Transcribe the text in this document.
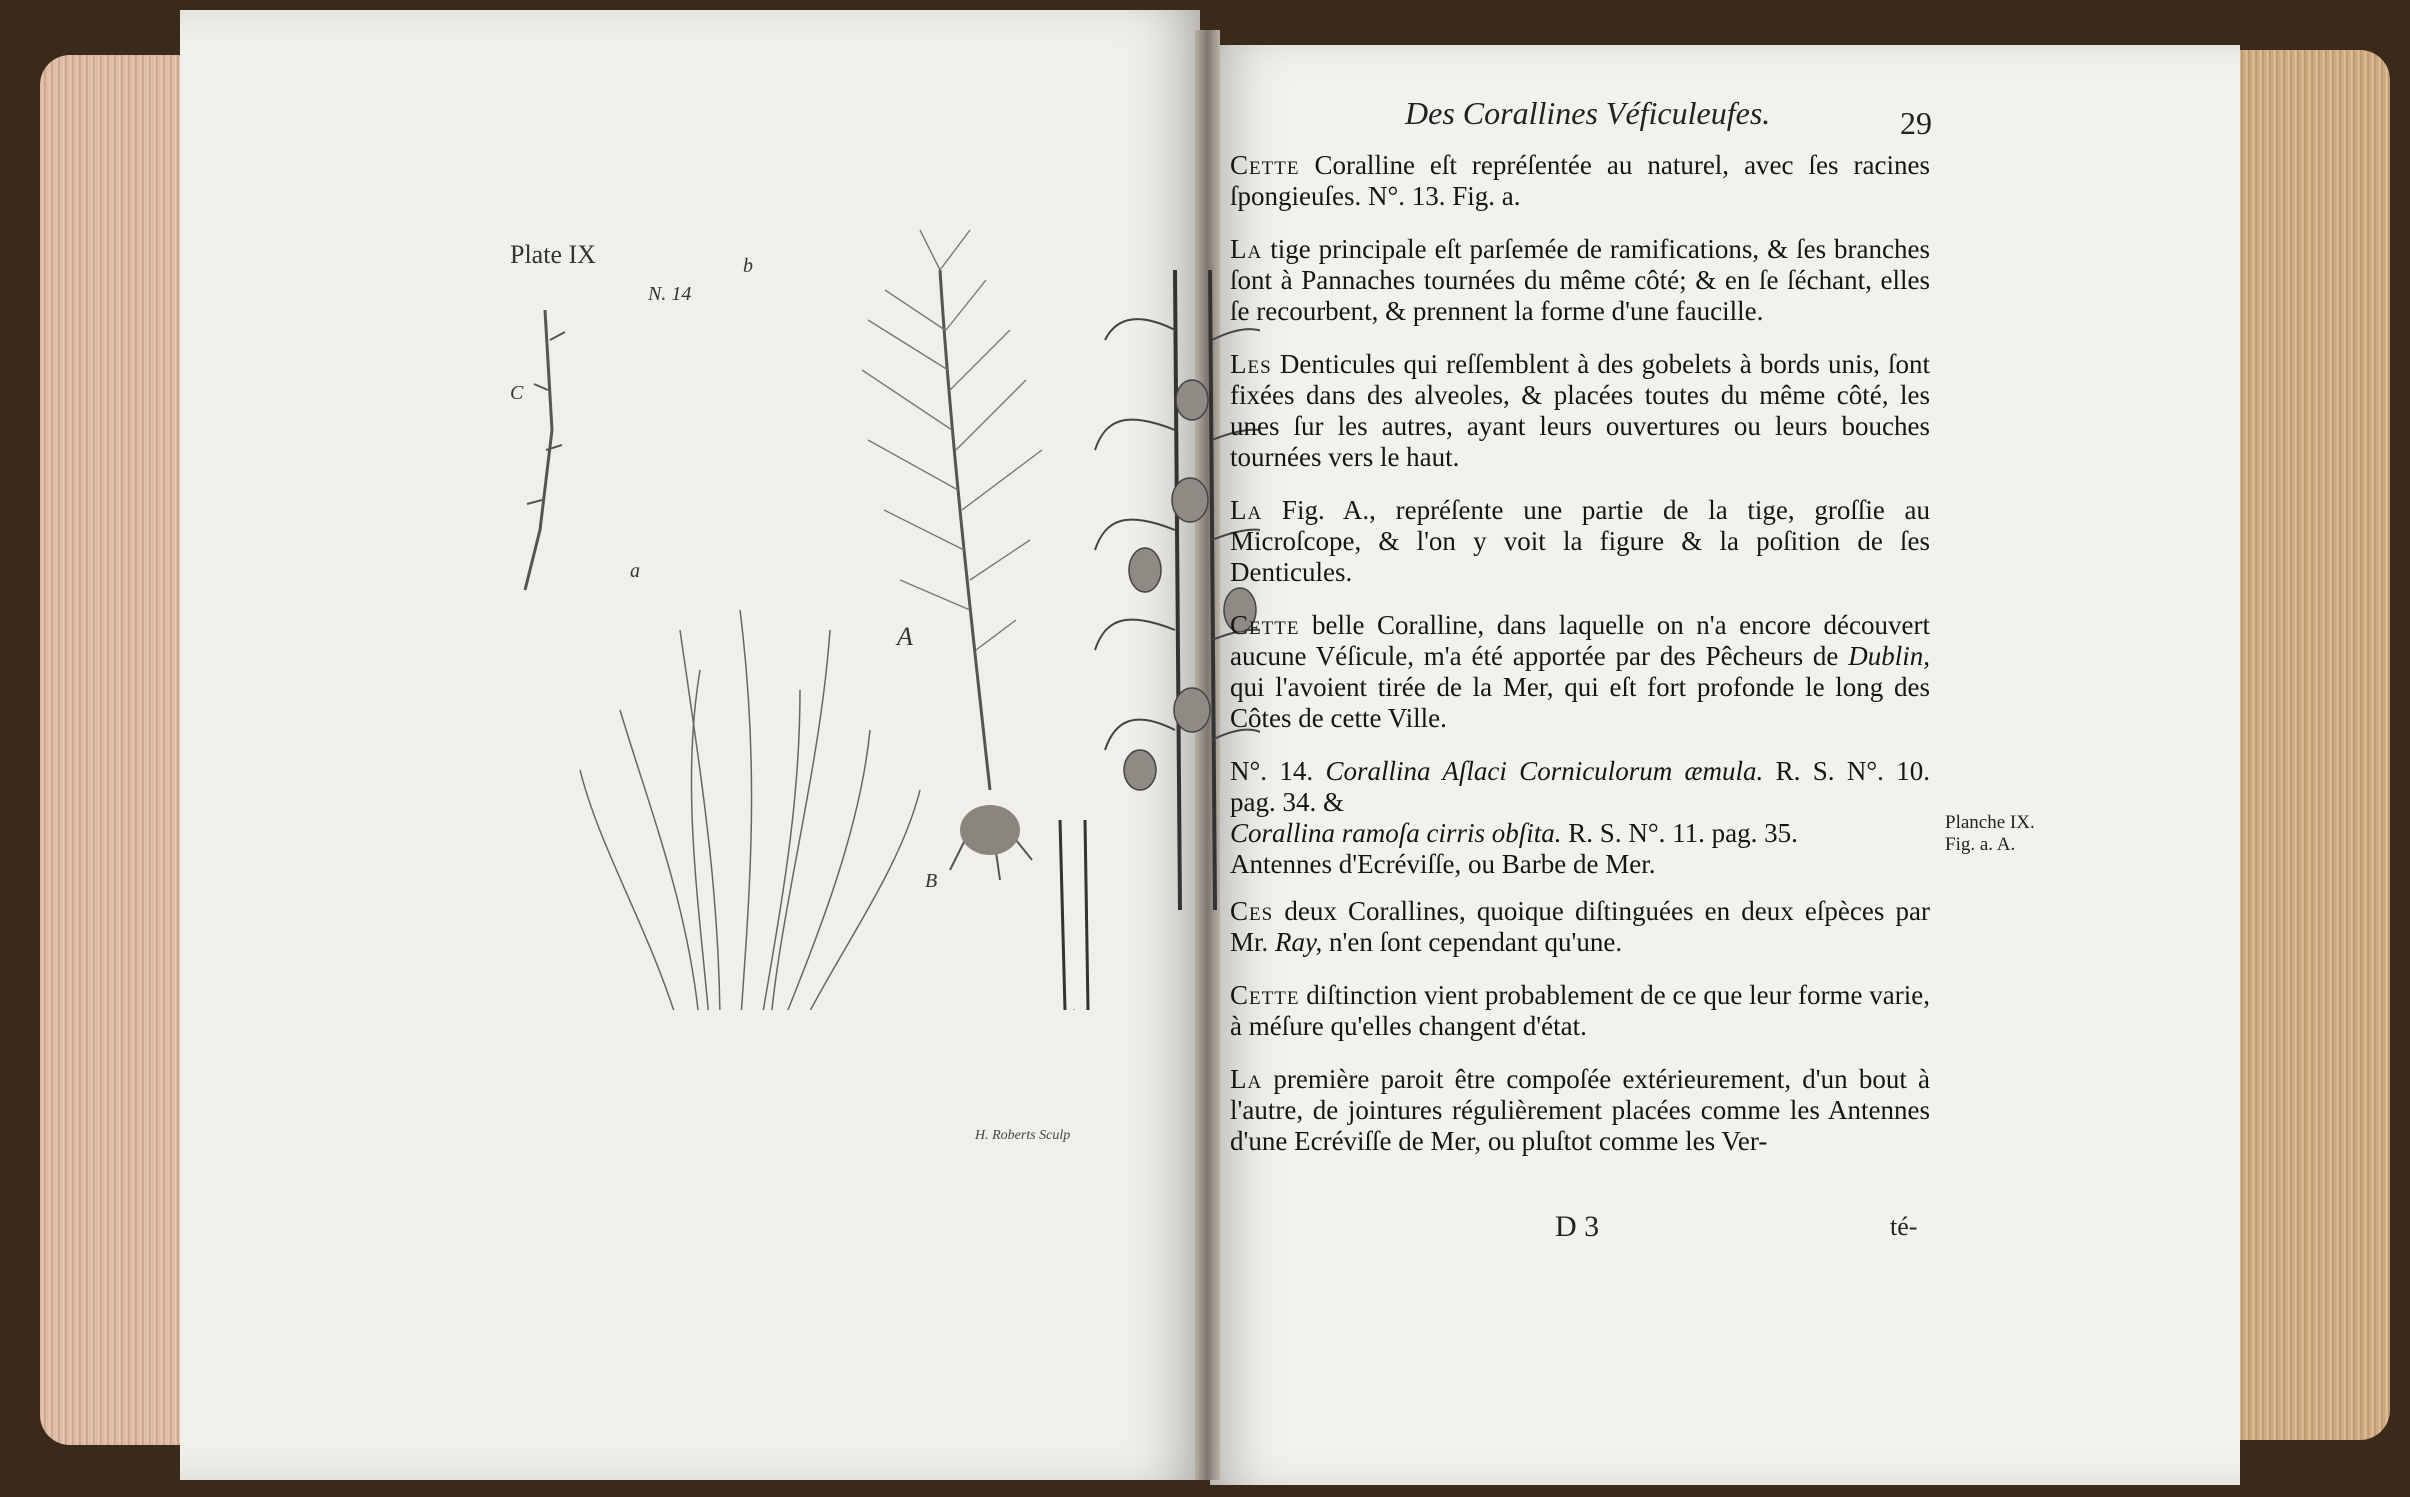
Plate IX
N. 14
b
C
a
A
B
H. Roberts Sculp
Des Corallines Véficuleufes.	29

Cette Coralline eſt repréſentée au naturel, avec ſes racines ſpongieuſes. N°. 13. Fig. a.

La tige principale eſt parſemée de ramifications, & ſes branches ſont à Pannaches tournées du même côté; & en ſe ſéchant, elles ſe recourbent, & prennent la forme d'une faucille.

Les Denticules qui reſſemblent à des gobelets à bords unis, ſont fixées dans des alveoles, & placées toutes du même côté, les unes ſur les autres, ayant leurs ouvertures ou leurs bouches tournées vers le haut.

La Fig. A., repréſente une partie de la tige, groſſie au Microſcope, & l'on y voit la figure & la poſition de ſes Denticules.

Cette belle Coralline, dans laquelle on n'a encore découvert aucune Véſicule, m'a été apportée par des Pêcheurs de Dublin, qui l'avoient tirée de la Mer, qui eſt fort profonde le long des Côtes de cette Ville.

N°. 14. Corallina Aſlaci Corniculorum æmula. R. S. N°. 10. pag. 34. &
Corallina ramoſa cirris obſita. R. S. N°. 11. pag. 35.
Antennes d'Ecréviſſe, ou Barbe de Mer.

Ces deux Corallines, quoique diſtinguées en deux eſpèces par Mr. Ray, n'en ſont cependant qu'une.

Cette diſtinction vient probablement de ce que leur forme varie, à méſure qu'elles changent d'état.

La première paroit être compoſée extérieurement, d'un bout à l'autre, de jointures régulièrement placées comme les Antennes d'une Ecréviſſe de Mer, ou pluſtot comme les Ver-

Planche IX.
Fig. a. A.
D 3	té-
